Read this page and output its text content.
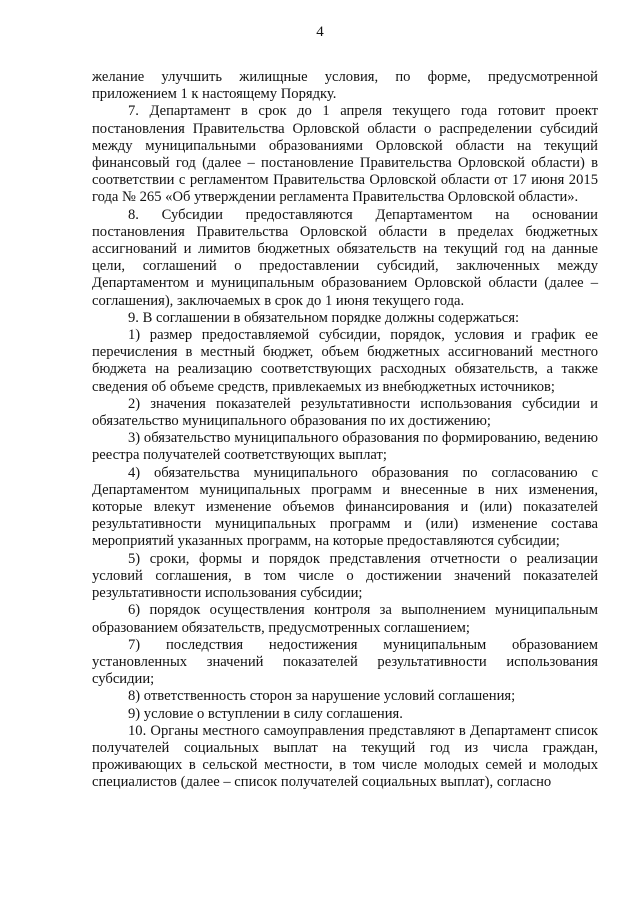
4

желание улучшить жилищные условия, по форме, предусмотренной приложением 1 к настоящему Порядку.

7. Департамент в срок до 1 апреля текущего года готовит проект постановления Правительства Орловской области о распределении субсидий между муниципальными образованиями Орловской области на текущий финансовый год (далее – постановление Правительства Орловской области) в соответствии с регламентом Правительства Орловской области от 17 июня 2015 года № 265 «Об утверждении регламента Правительства Орловской области».

8. Субсидии предоставляются Департаментом на основании постановления Правительства Орловской области в пределах бюджетных ассигнований и лимитов бюджетных обязательств на текущий год на данные цели, соглашений о предоставлении субсидий, заключенных между Департаментом и муниципальным образованием Орловской области (далее – соглашения), заключаемых в срок до 1 июня текущего года.

9. В соглашении в обязательном порядке должны содержаться:

1) размер предоставляемой субсидии, порядок, условия и график ее перечисления в местный бюджет, объем бюджетных ассигнований местного бюджета на реализацию соответствующих расходных обязательств, а также сведения об объеме средств, привлекаемых из внебюджетных источников;

2) значения показателей результативности использования субсидии и обязательство муниципального образования по их достижению;

3) обязательство муниципального образования по формированию, ведению реестра получателей соответствующих выплат;

4) обязательства муниципального образования по согласованию с Департаментом муниципальных программ и внесенные в них изменения, которые влекут изменение объемов финансирования и (или) показателей результативности муниципальных программ и (или) изменение состава мероприятий указанных программ, на которые предоставляются субсидии;

5) сроки, формы и порядок представления отчетности о реализации условий соглашения, в том числе о достижении значений показателей результативности использования субсидии;

6) порядок осуществления контроля за выполнением муниципальным образованием обязательств, предусмотренных соглашением;

7) последствия недостижения муниципальным образованием установленных значений показателей результативности использования субсидии;

8) ответственность сторон за нарушение условий соглашения;

9) условие о вступлении в силу соглашения.

10. Органы местного самоуправления представляют в Департамент список получателей социальных выплат на текущий год из числа граждан, проживающих в сельской местности, в том числе молодых семей и молодых специалистов (далее – список получателей социальных выплат), согласно
